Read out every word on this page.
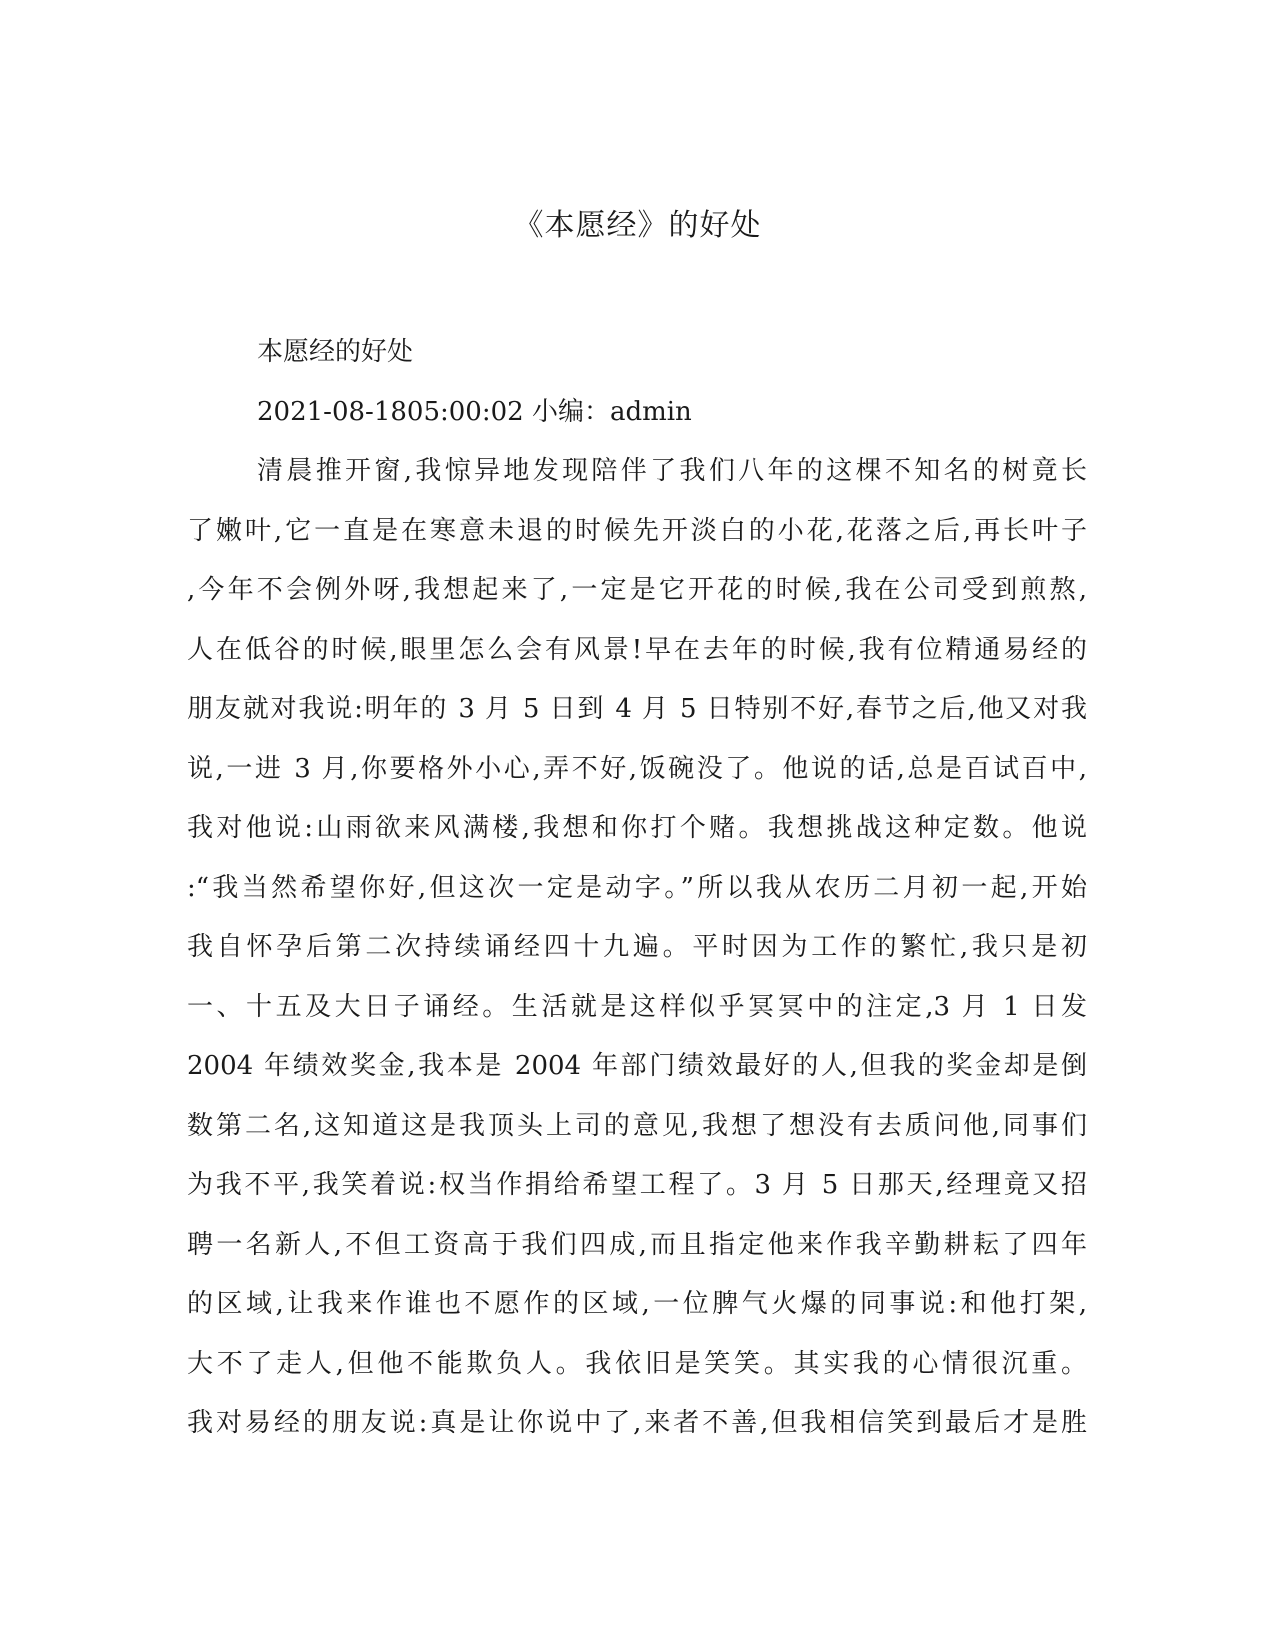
《本愿经》的好处
本愿经的好处
2021-08-1805:00:02 小编：admin
清晨推开窗,我惊异地发现陪伴了我们八年的这棵不知名的树竟长
了嫩叶,它一直是在寒意未退的时候先开淡白的小花,花落之后,再长叶子
,今年不会例外呀,我想起来了,一定是它开花的时候,我在公司受到煎熬,
人在低谷的时候,眼里怎么会有风景!早在去年的时候,我有位精通易经的
朋友就对我说:明年的 3 月 5 日到 4 月 5 日特别不好,春节之后,他又对我
说,一进 3 月,你要格外小心,弄不好,饭碗没了。他说的话,总是百试百中,
我对他说:山雨欲来风满楼,我想和你打个赌。我想挑战这种定数。他说
:“我当然希望你好,但这次一定是动字。”所以我从农历二月初一起,开始
我自怀孕后第二次持续诵经四十九遍。平时因为工作的繁忙,我只是初
一、十五及大日子诵经。生活就是这样似乎冥冥中的注定,3 月 1 日发
2004 年绩效奖金,我本是 2004 年部门绩效最好的人,但我的奖金却是倒
数第二名,这知道这是我顶头上司的意见,我想了想没有去质问他,同事们
为我不平,我笑着说:权当作捐给希望工程了。3 月 5 日那天,经理竟又招
聘一名新人,不但工资高于我们四成,而且指定他来作我辛勤耕耘了四年
的区域,让我来作谁也不愿作的区域,一位脾气火爆的同事说:和他打架,
大不了走人,但他不能欺负人。我依旧是笑笑。其实我的心情很沉重。
我对易经的朋友说:真是让你说中了,来者不善,但我相信笑到最后才是胜
